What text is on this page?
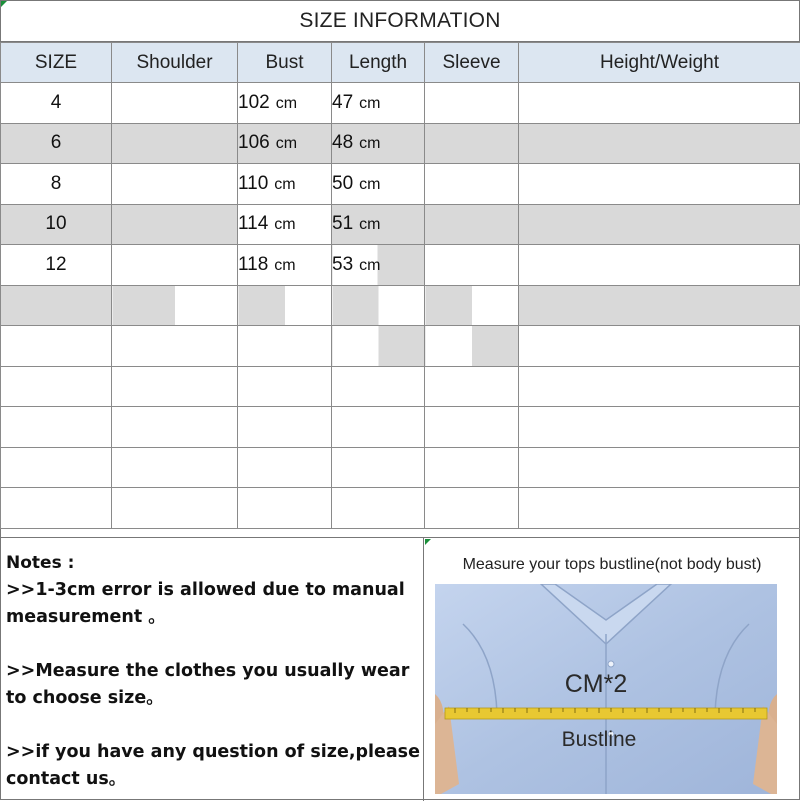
SIZE INFORMATION
SIZE	Shoulder	Bust	Length	Sleeve	Height/Weight
4		102 cm	47 cm		
6		106 cm	48 cm		
8		110 cm	50 cm		
10		114 cm	51 cm		
12		118 cm	53 cm		

Notes :

>>1-3cm error is allowed due to manual measurement 。

>>Measure the clothes you usually wear to choose size。

>>if you have any question of size,please contact us。

Measure your tops bustline(not body bust)
CM*2
Bustline
